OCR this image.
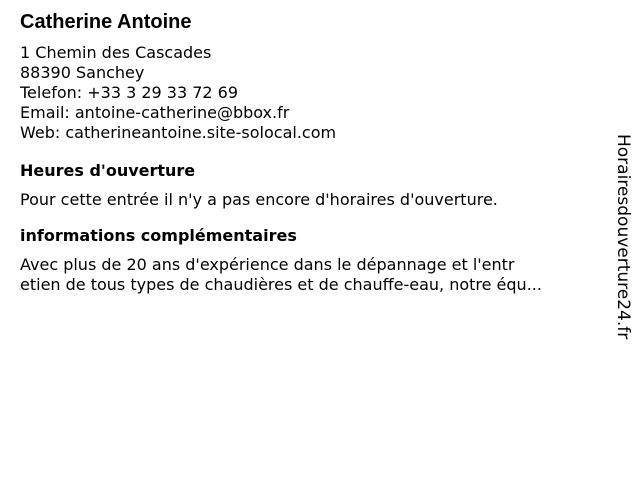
Catherine Antoine
1 Chemin des Cascades
88390 Sanchey
Telefon: +33 3 29 33 72 69
Email: antoine-catherine@bbox.fr
Web: catherineantoine.site-solocal.com
Heures d'ouverture
Pour cette entrée il n'y a pas encore d'horaires d'ouverture.
informations complémentaires
Avec plus de 20 ans d'expérience dans le dépannage et l'entr
etien de tous types de chaudières et de chauffe-eau, notre équ...	Horairesdouverture24.fr
